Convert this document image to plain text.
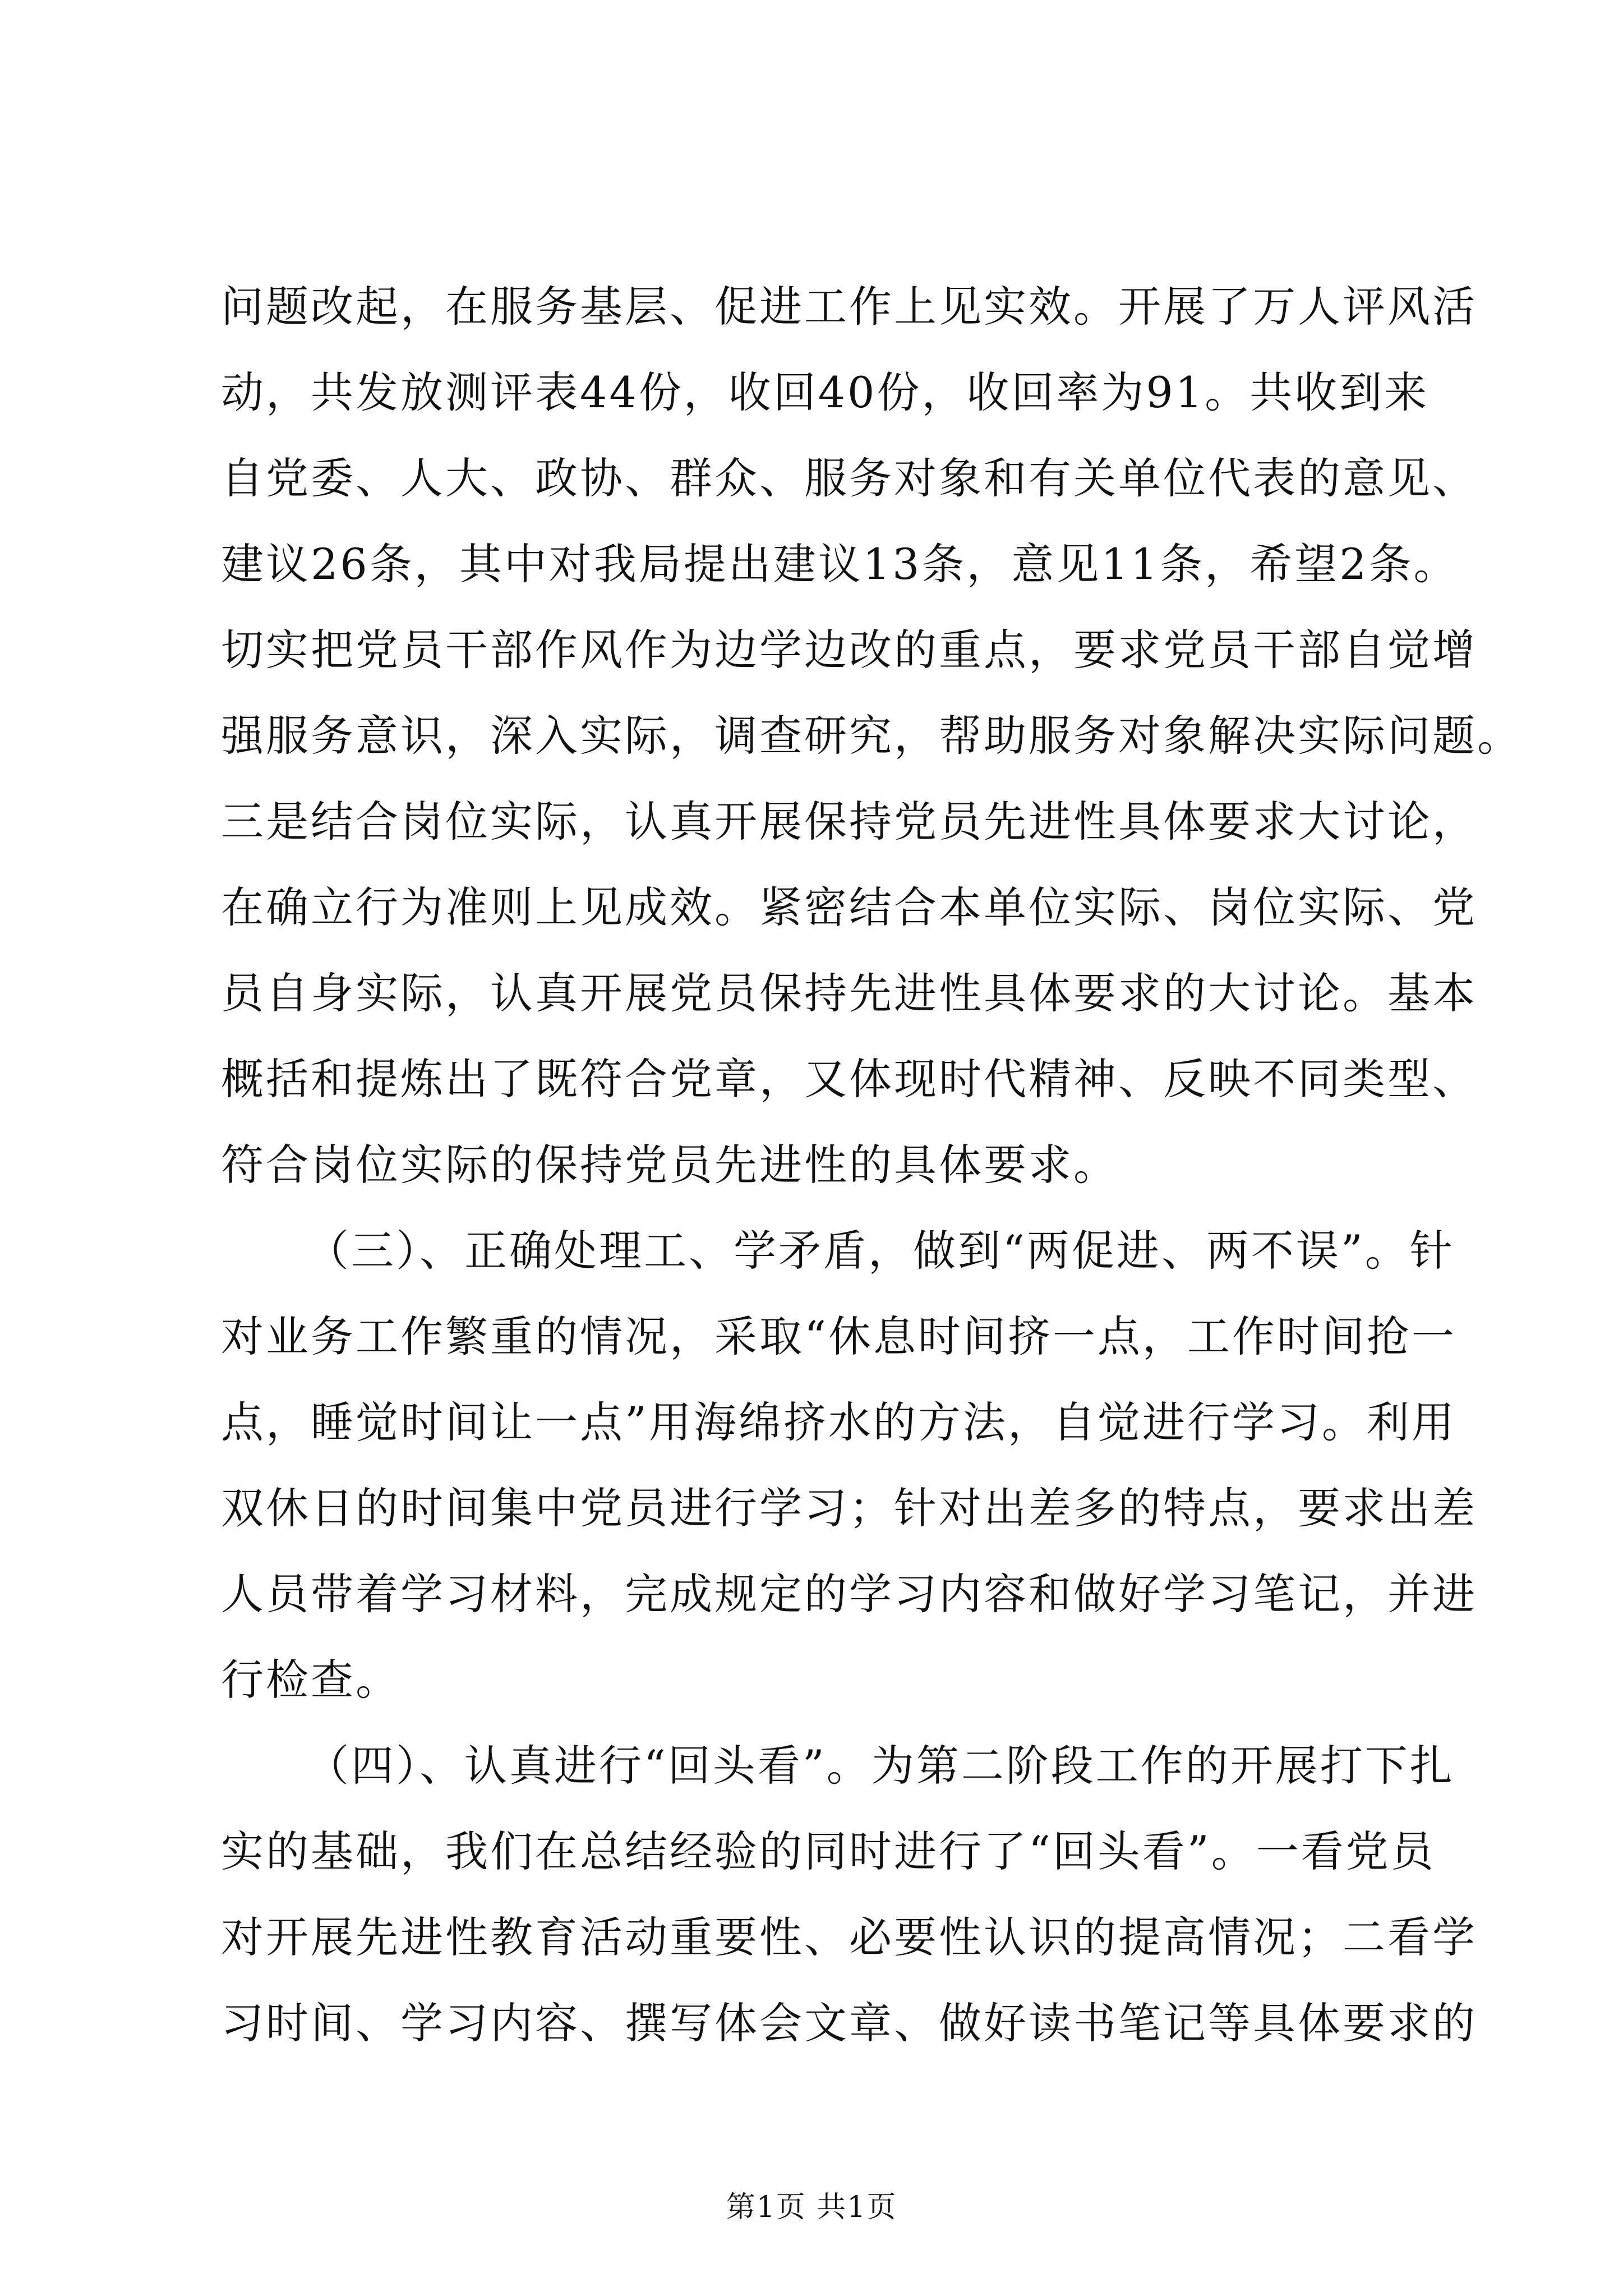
问题改起，在服务基层、促进工作上见实效。开展了万人评风活
动，共发放测评表44份，收回40份，收回率为91。共收到来
自党委、人大、政协、群众、服务对象和有关单位代表的意见、
建议26条，其中对我局提出建议13条，意见11条，希望2条。
切实把党员干部作风作为边学边改的重点，要求党员干部自觉增
强服务意识，深入实际，调查研究，帮助服务对象解决实际问题。
三是结合岗位实际，认真开展保持党员先进性具体要求大讨论，
在确立行为准则上见成效。紧密结合本单位实际、岗位实际、党
员自身实际，认真开展党员保持先进性具体要求的大讨论。基本
概括和提炼出了既符合党章，又体现时代精神、反映不同类型、
符合岗位实际的保持党员先进性的具体要求。
（三）、正确处理工、学矛盾，做到“两促进、两不误”。针
对业务工作繁重的情况，采取“休息时间挤一点，工作时间抢一
点，睡觉时间让一点”用海绵挤水的方法，自觉进行学习。利用
双休日的时间集中党员进行学习；针对出差多的特点，要求出差
人员带着学习材料，完成规定的学习内容和做好学习笔记，并进
行检查。
（四）、认真进行“回头看”。为第二阶段工作的开展打下扎
实的基础，我们在总结经验的同时进行了“回头看”。一看党员
对开展先进性教育活动重要性、必要性认识的提高情况；二看学
习时间、学习内容、撰写体会文章、做好读书笔记等具体要求的
第1页 共1页
